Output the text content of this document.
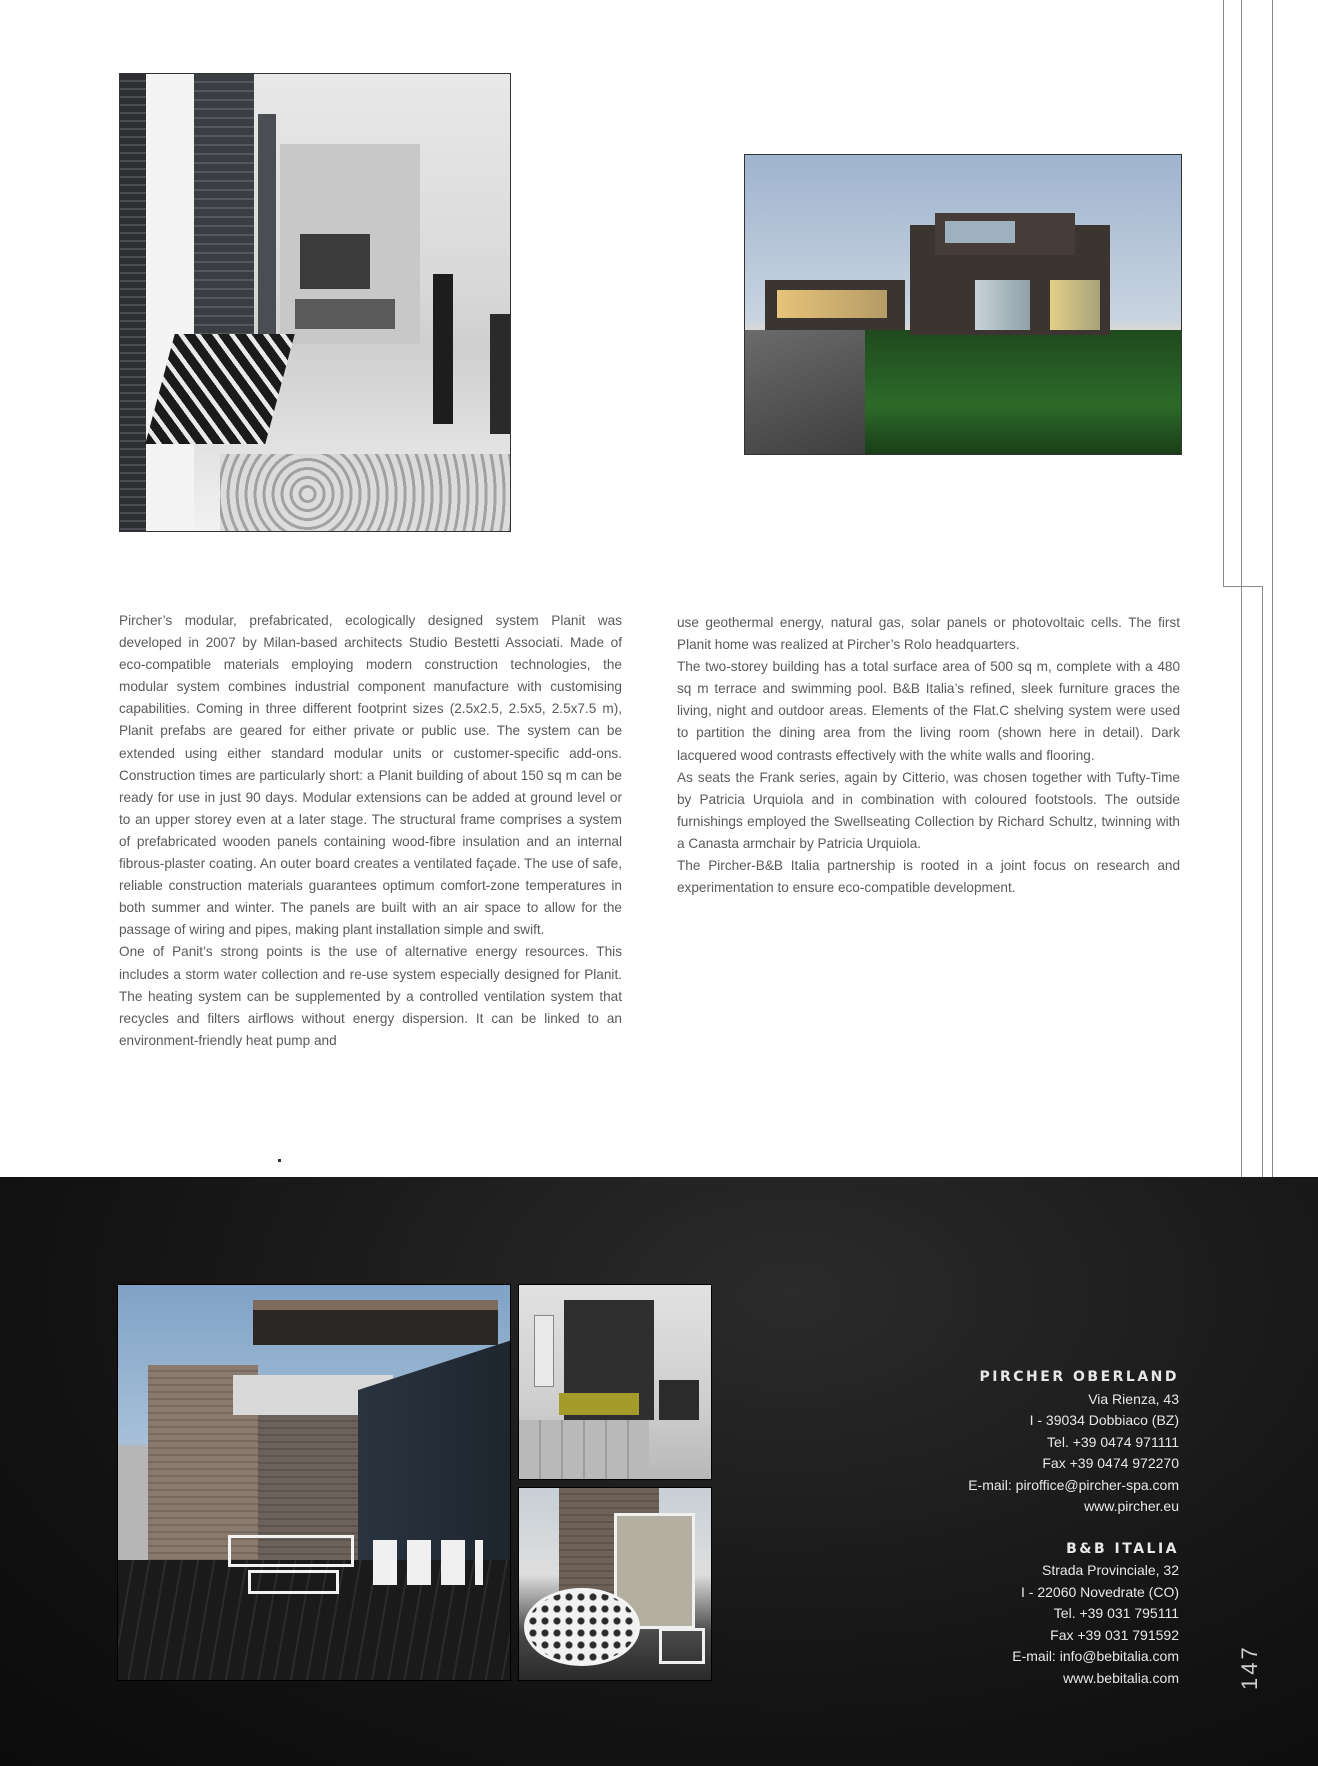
Pircher’s modular, prefabricated, ecologically designed system Planit was developed in 2007 by Milan-based architects Studio Bestetti Associati. Made of eco-compatible materials employing modern construction technologies, the modular system combines industrial component manufacture with customising capabilities. Coming in three different footprint sizes (2.5x2.5, 2.5x5, 2.5x7.5 m), Planit prefabs are geared for either private or public use. The system can be extended using either standard modular units or customer-specific add-ons. Construction times are particularly short: a Planit building of about 150 sq m can be ready for use in just 90 days. Modular extensions can be added at ground level or to an upper storey even at a later stage. The structural frame comprises a system of prefabricated wooden panels containing wood-fibre insulation and an internal fibrous-plaster coating. An outer board creates a ventilated façade. The use of safe, reliable construction materials guarantees optimum comfort-zone temperatures in both summer and winter. The panels are built with an air space to allow for the passage of wiring and pipes, making plant installation simple and swift.

One of Panit’s strong points is the use of alternative energy resources. This includes a storm water collection and re-use system especially designed for Planit. The heating system can be supplemented by a controlled ventilation system that recycles and filters airflows without energy dispersion. It can be linked to an environment-friendly heat pump and

use geothermal energy, natural gas, solar panels or photovoltaic cells. The first Planit home was realized at Pircher’s Rolo headquarters.

The two-storey building has a total surface area of 500 sq m, complete with a 480 sq m terrace and swimming pool. B&B Italia’s refined, sleek furniture graces the living, night and outdoor areas. Elements of the Flat.C shelving system were used to partition the dining area from the living room (shown here in detail). Dark lacquered wood contrasts effectively with the white walls and flooring.

As seats the Frank series, again by Citterio, was chosen together with Tufty-Time by Patricia Urquiola and in combination with coloured footstools. The outside furnishings employed the Swellseating Collection by Richard Schultz, twinning with a Canasta armchair by Patricia Urquiola.

The Pircher-B&B Italia partnership is rooted in a joint focus on research and experimentation to ensure eco-compatible development.

PIRCHER OBERLAND
Via Rienza, 43
I - 39034 Dobbiaco (BZ)
Tel. +39 0474 971111
Fax +39 0474 972270
E-mail: piroffice@pircher-spa.com
www.pircher.eu
B&B ITALIA
Strada Provinciale, 32
I - 22060 Novedrate (CO)
Tel. +39 031 795111
Fax +39 031 791592
E-mail: info@bebitalia.com
www.bebitalia.com	147
